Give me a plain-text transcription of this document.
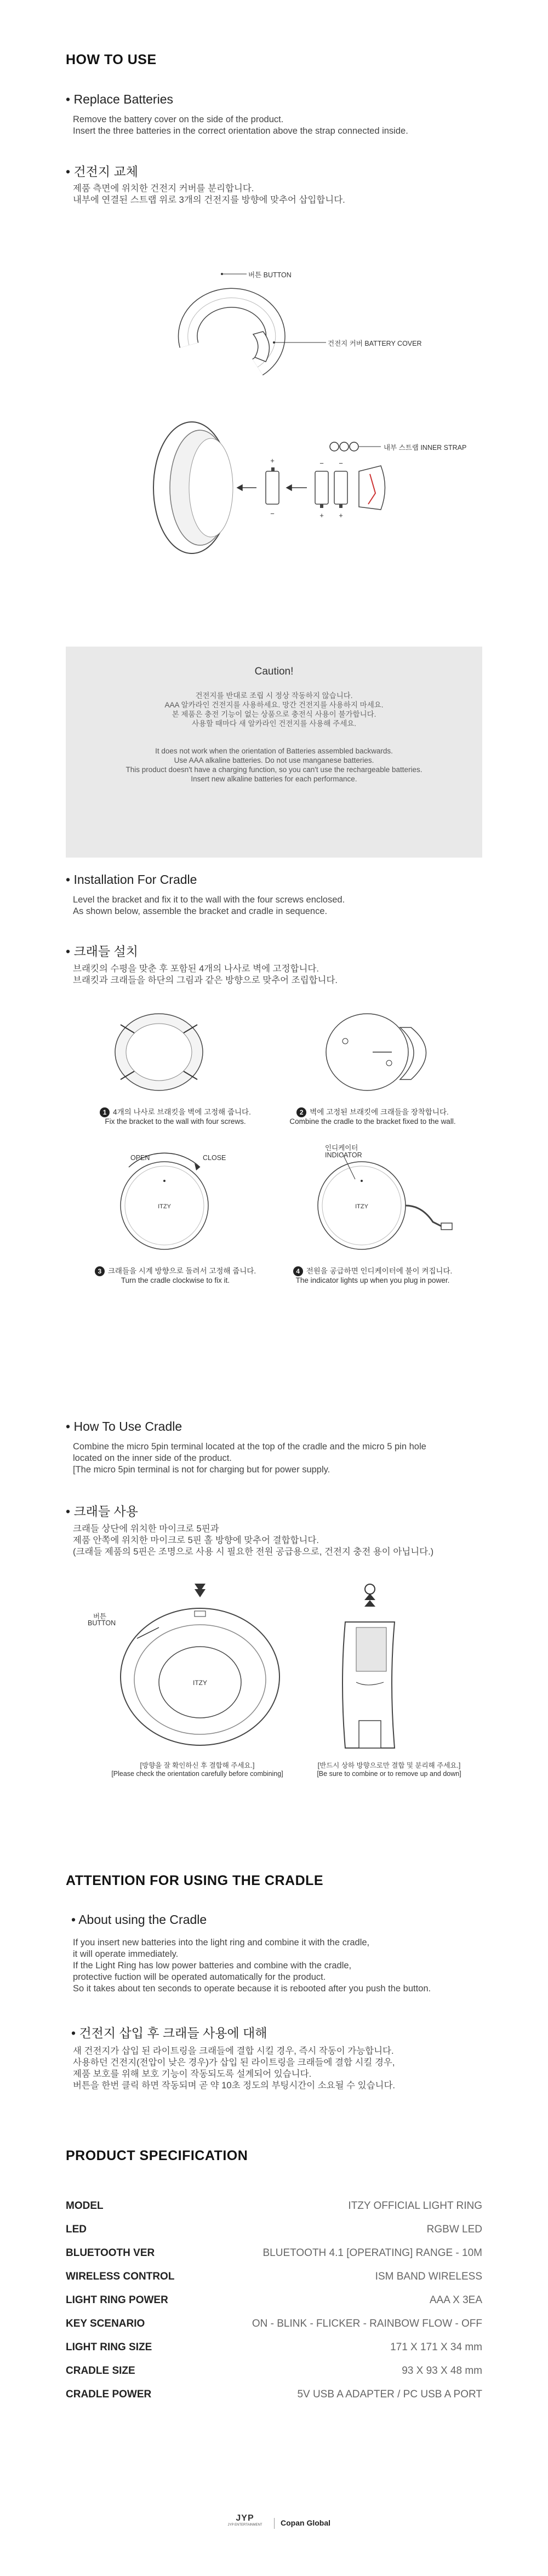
HOW TO USE
• Replace Batteries
Remove the battery cover on the side of the product.
Insert the three batteries in the correct orientation above the strap connected inside.
• 건전지 교체
제품 측면에 위치한 건전지 커버를 분리합니다.
내부에 연결된 스트랩 위로 3개의 건전지를 방향에 맞추어 삽입합니다.
+
−
−
+
−
+
버튼 BUTTON
건전지 커버 BATTERY COVER
내부 스트랩 INNER STRAP
Caution!
건전지를 반대로 조립 시 정상 작동하지 않습니다.
AAA 알카라인 건전지를 사용하세요. 망간 건전지를 사용하지 마세요.
본 제품은 충전 기능이 없는 상품으로 충전식 사용이 불가합니다.
사용할 때마다 새 알카라인 건전지를 사용해 주세요.
It does not work when the orientation of Batteries assembled backwards.
Use AAA alkaline batteries. Do not use manganese batteries.
This product doesn't have a charging function, so you can't use the rechargeable batteries.
Insert new alkaline batteries for each performance.
• Installation For Cradle
Level the bracket and fix it to the wall with the four screws enclosed.
As shown below, assemble the bracket and cradle in sequence.
• 크래들 설치
브래킷의 수평을 맞춘 후 포함된 4개의 나사로 벽에 고정합니다.
브래킷과 크래들을 하단의 그림과 같은 방향으로 맞추어 조립합니다.
ITZY	ITZY
1 4개의 나사로 브래킷을 벽에 고정해 줍니다.
Fix the bracket to the wall with four screws.
2 벽에 고정된 브래킷에 크래들을 장착합니다.
Combine the cradle to the bracket fixed to the wall.
OPEN	CLOSE
인디케이터
INDICATOR
3 크래들을 시계 방향으로 돌려서 고정해 줍니다.
Turn the cradle clockwise to fix it.
4 전원을 공급하면 인디케이터에 불이 켜집니다.
The indicator lights up when you plug in power.
• How To Use Cradle
Combine the micro 5pin terminal located at the top of the cradle and the micro 5 pin hole
located on the inner side of the product.
[The micro 5pin terminal is not for charging but for power supply.
• 크래들 사용
크래들 상단에 위치한 마이크로 5핀과
제품 안쪽에 위치한 마이크로 5핀 홀 방향에 맞추어 결합합니다.
(크래들 제품의 5핀은 조명으로 사용 시 필요한 전원 공급용으로, 건전지 충전 용이 아닙니다.)
ITZY
버튼
BUTTON
[방향을 잘 확인하신 후 결합해 주세요.]
[Please check the orientation carefully before combining]
[반드시 상하 방향으로만 결합 및 분리해 주세요.]
[Be sure to combine or to remove up and down]
ATTENTION FOR USING THE CRADLE
• About using the Cradle
If you insert new batteries into the light ring and combine it with the cradle,
it will operate immediately.
If the Light Ring has low power batteries and combine with the cradle,
protective fuction will be operated automatically for the product.
So it takes about ten seconds to operate because it is rebooted after you push the button.
• 건전지 삽입 후 크래들 사용에 대해
새 건전지가 삽입 된 라이트링을 크래들에 결합 시킬 경우, 즉시 작동이 가능합니다.
사용하던 건전지(전압이 낮은 경우)가 삽입 된 라이트링을 크래들에 결합 시킬 경우,
제품 보호를 위해 보호 기능이 작동되도록 설계되어 있습니다.
버튼을 한번 클릭 하면 작동되며 곧 약 10초 정도의 부팅시간이 소요될 수 있습니다.
PRODUCT SPECIFICATION
MODEL	ITZY OFFICIAL LIGHT RING
LED	RGBW LED
BLUETOOTH VER	BLUETOOTH 4.1 [OPERATING] RANGE - 10M
WIRELESS CONTROL	ISM BAND WIRELESS
LIGHT RING POWER	AAA X 3EA
KEY SCENARIO	ON - BLINK - FLICKER - RAINBOW FLOW - OFF
LIGHT RING SIZE	171 X 171 X 34 mm
CRADLE SIZE	93 X 93 X 48 mm
CRADLE POWER	5V USB A ADAPTER / PC USB A PORT
JYP
JYP ENTERTAINMENT Copan Global
